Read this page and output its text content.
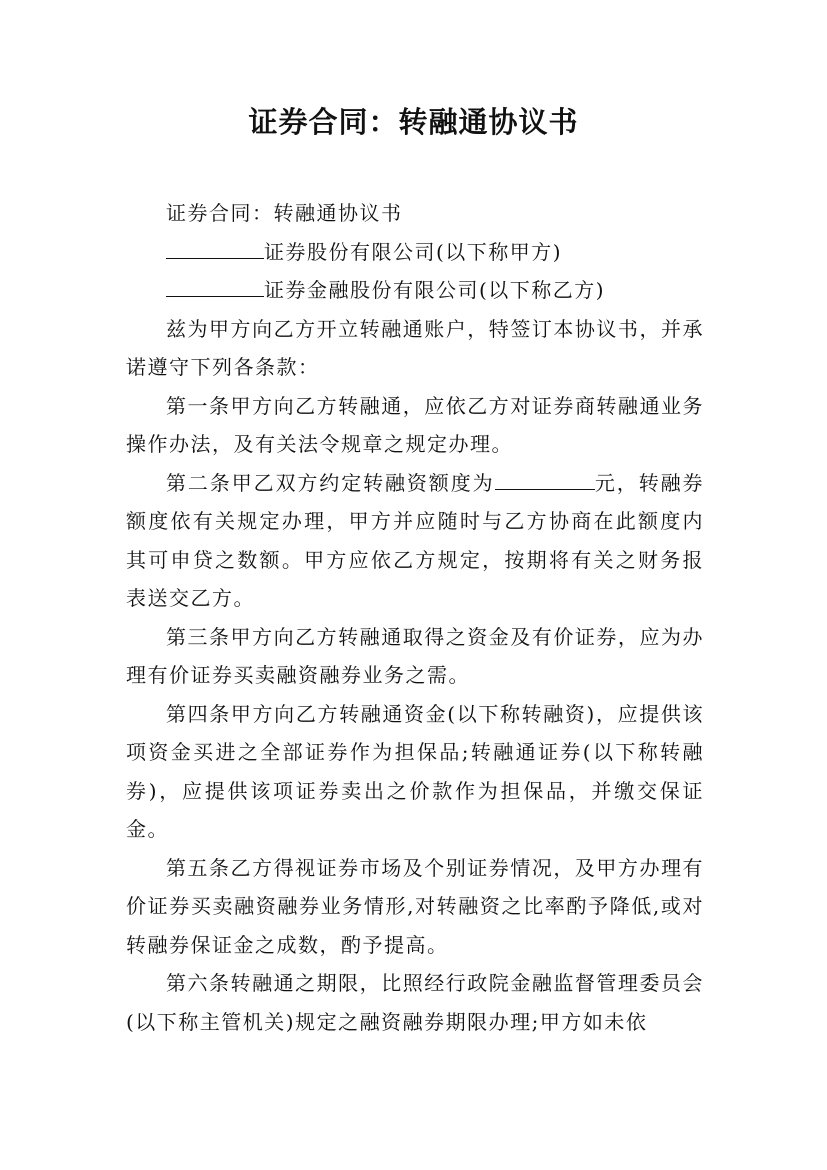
证券合同：转融通协议书

证券合同：转融通协议书

证券股份有限公司(以下称甲方)

证券金融股份有限公司(以下称乙方)

兹为甲方向乙方开立转融通账户，特签订本协议书，并承诺遵守下列各条款：

第一条甲方向乙方转融通，应依乙方对证券商转融通业务操作办法，及有关法令规章之规定办理。

第二条甲乙双方约定转融资额度为	元，转融券额度依有关规定办理，甲方并应随时与乙方协商在此额度内其可申贷之数额。甲方应依乙方规定，按期将有关之财务报表送交乙方。

第三条甲方向乙方转融通取得之资金及有价证券，应为办理有价证券买卖融资融券业务之需。

第四条甲方向乙方转融通资金(以下称转融资)，应提供该项资金买进之全部证券作为担保品;转融通证券(以下称转融券)，应提供该项证券卖出之价款作为担保品，并缴交保证金。

第五条乙方得视证券市场及个别证券情况，及甲方办理有价证券买卖融资融券业务情形,对转融资之比率酌予降低,或对转融券保证金之成数，酌予提高。

第六条转融通之期限，比照经行政院金融监督管理委员会(以下称主管机关)规定之融资融券期限办理;甲方如未依
